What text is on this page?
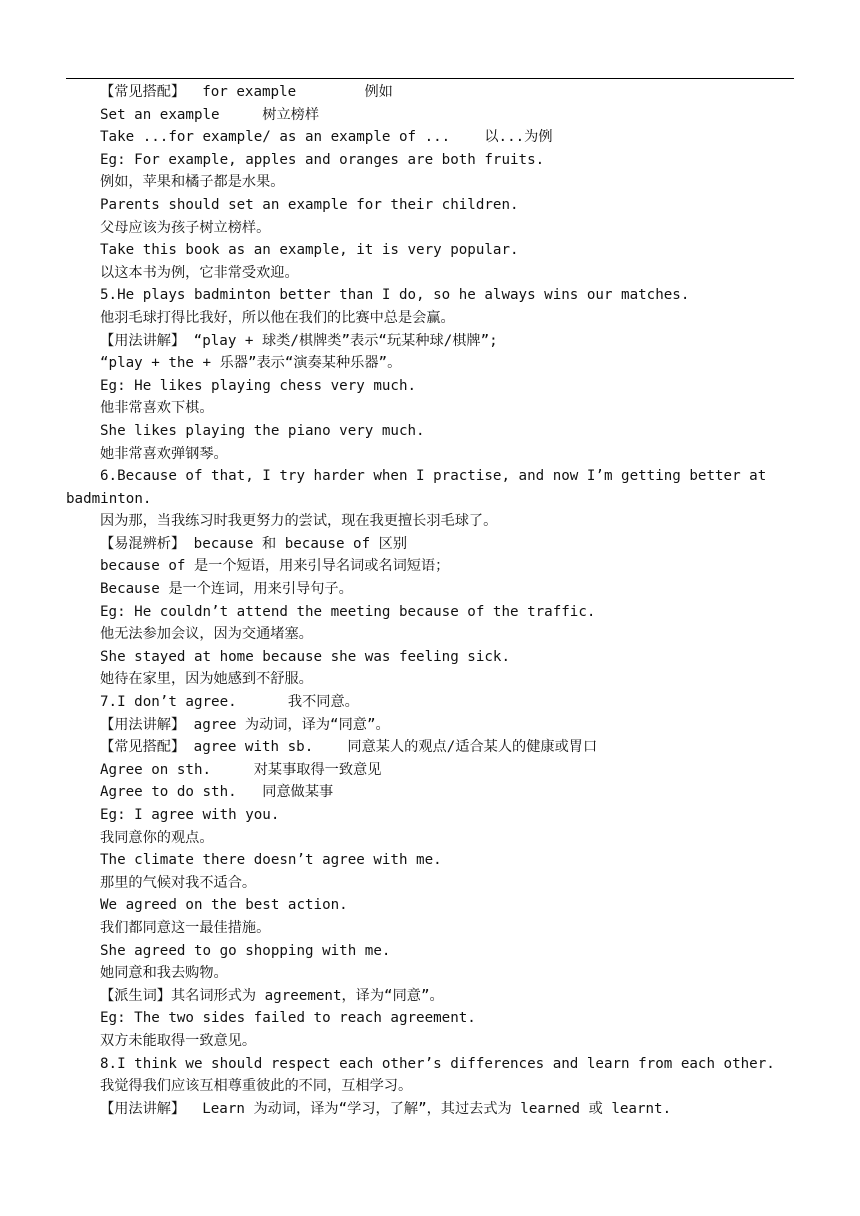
【常见搭配】  for example        例如
Set an example     树立榜样
Take ...for example/ as an example of ...    以...为例
Eg: For example, apples and oranges are both fruits.
例如，苹果和橘子都是水果。
Parents should set an example for their children.
父母应该为孩子树立榜样。
Take this book as an example, it is very popular.
以这本书为例，它非常受欢迎。
5.He plays badminton better than I do, so he always wins our matches.
他羽毛球打得比我好，所以他在我们的比赛中总是会赢。
【用法讲解】 “play + 球类/棋牌类”表示“玩某种球/棋牌”;
“play + the + 乐器”表示“演奏某种乐器”。
Eg: He likes playing chess very much.
他非常喜欢下棋。
She likes playing the piano very much.
她非常喜欢弹钢琴。
6.Because of that, I try harder when I practise, and now I’m getting better at
badminton.
因为那，当我练习时我更努力的尝试，现在我更擅长羽毛球了。
【易混辨析】 because 和 because of 区别
because of 是一个短语，用来引导名词或名词短语；
Because 是一个连词，用来引导句子。
Eg: He couldn’t attend the meeting because of the traffic.
他无法参加会议，因为交通堵塞。
She stayed at home because she was feeling sick.
她待在家里，因为她感到不舒服。
7.I don’t agree.      我不同意。
【用法讲解】 agree 为动词，译为“同意”。
【常见搭配】 agree with sb.    同意某人的观点/适合某人的健康或胃口
Agree on sth.     对某事取得一致意见
Agree to do sth.   同意做某事
Eg: I agree with you.
我同意你的观点。
The climate there doesn’t agree with me.
那里的气候对我不适合。
We agreed on the best action.
我们都同意这一最佳措施。
She agreed to go shopping with me.
她同意和我去购物。
【派生词】其名词形式为 agreement，译为“同意”。
Eg: The two sides failed to reach agreement.
双方未能取得一致意见。
8.I think we should respect each other’s differences and learn from each other.
我觉得我们应该互相尊重彼此的不同，互相学习。
【用法讲解】  Learn 为动词，译为“学习，了解”，其过去式为 learned 或 learnt.
